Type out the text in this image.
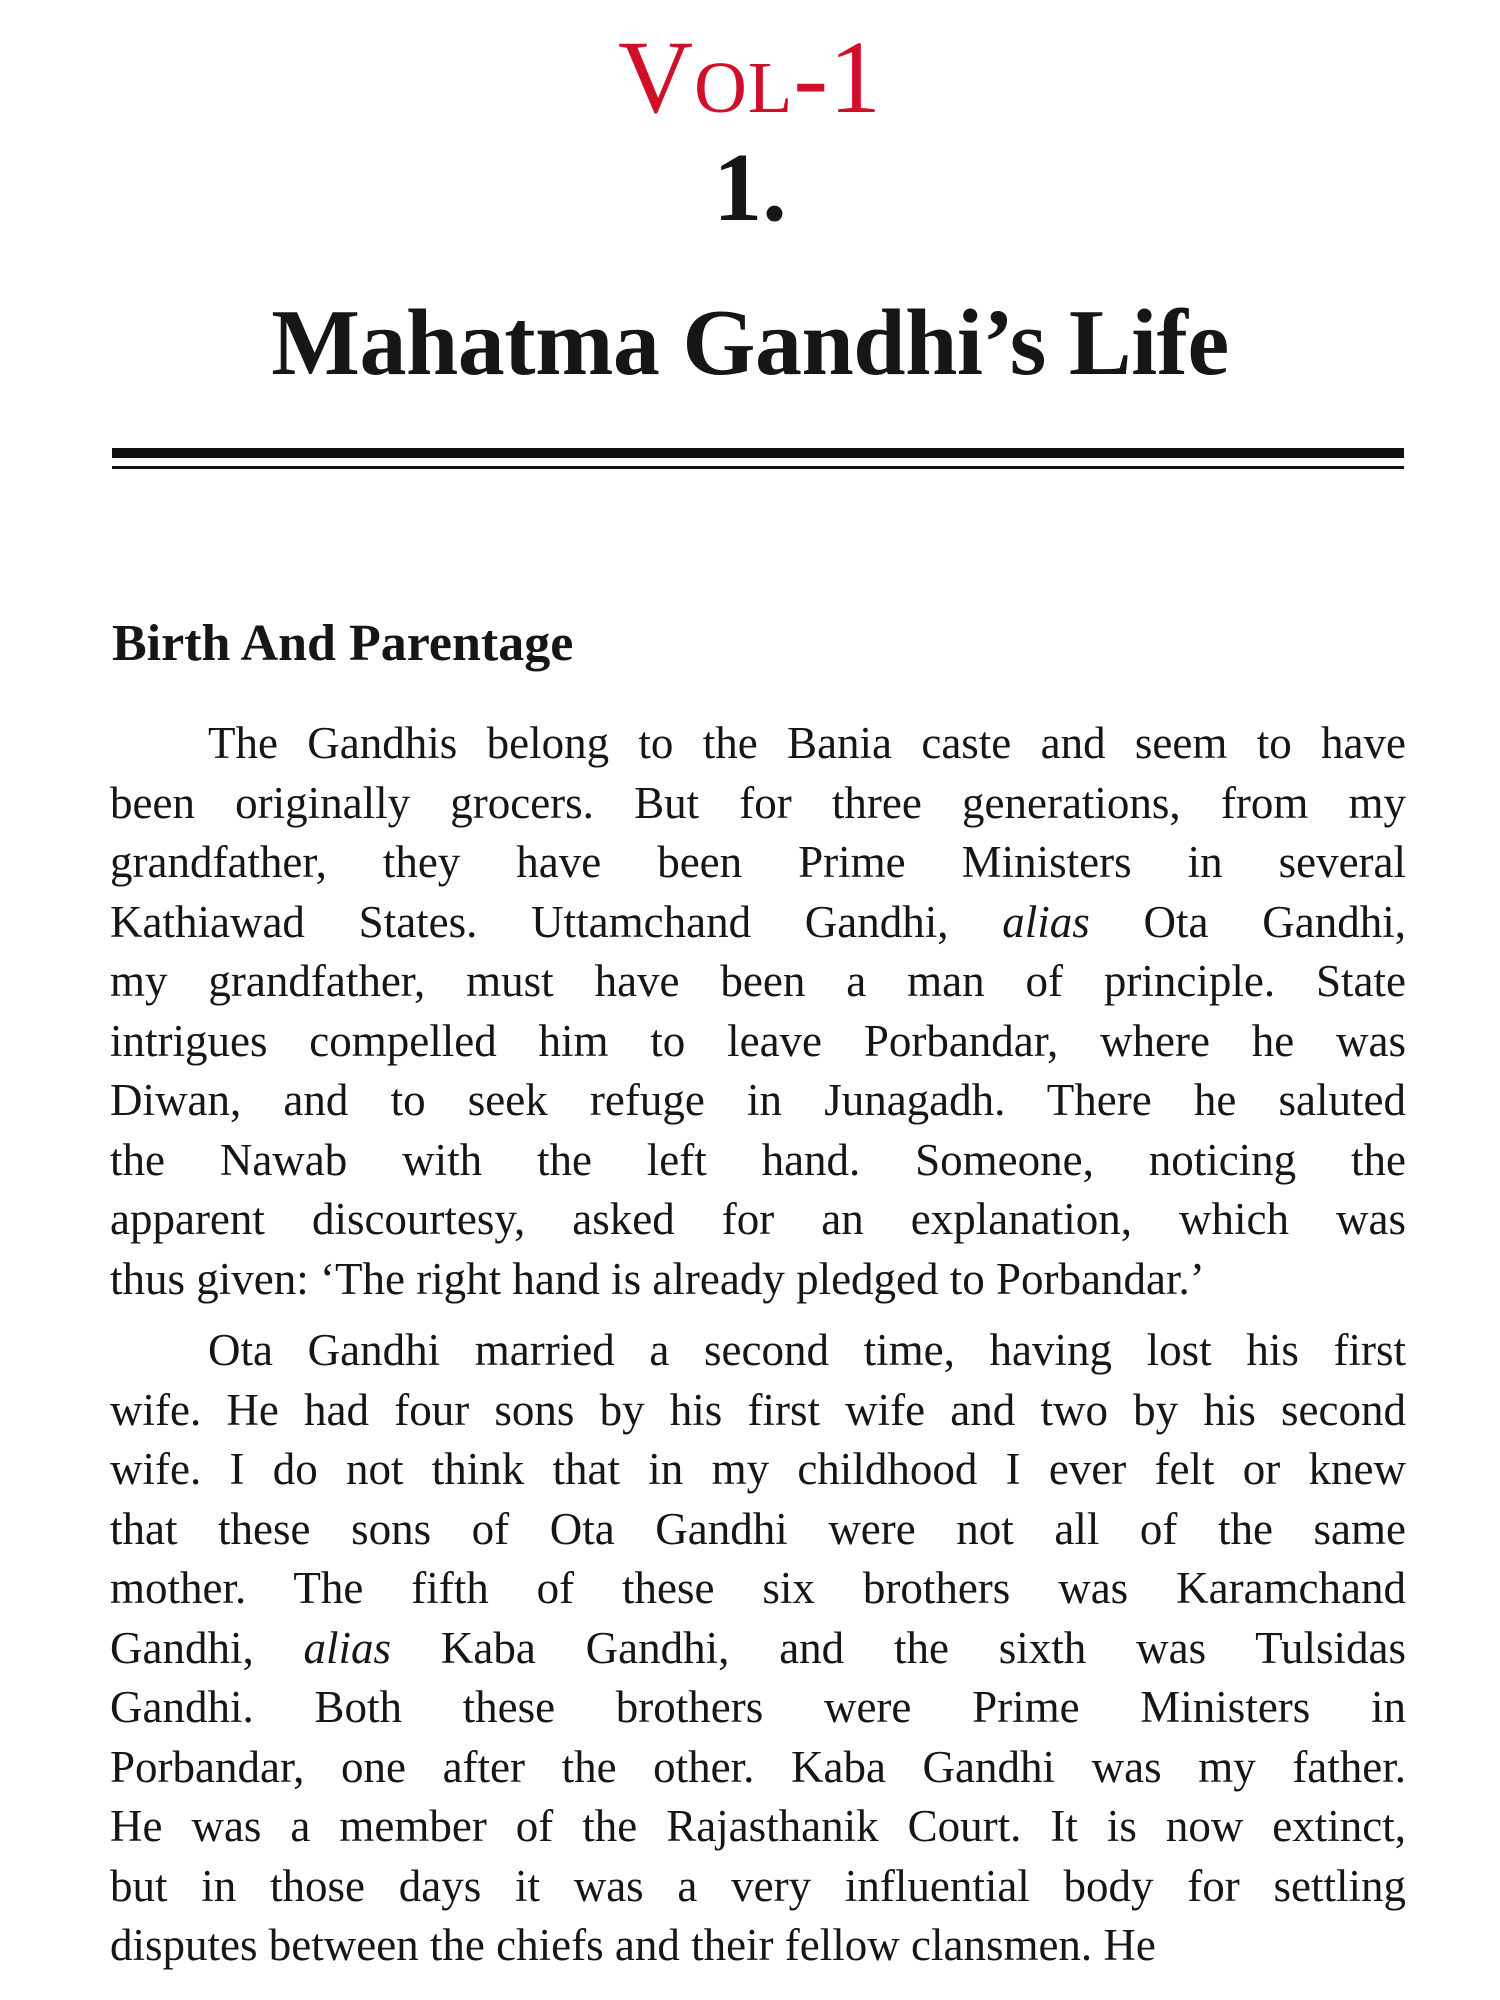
Vol-1
1.
Mahatma Gandhi’s Life
Birth And Parentage
The Gandhis belong to the Bania caste and seem to have
been originally grocers. But for three generations, from my
grandfather, they have been Prime Ministers in several
Kathiawad States. Uttamchand Gandhi, alias Ota Gandhi,
my grandfather, must have been a man of principle. State
intrigues compelled him to leave Porbandar, where he was
Diwan, and to seek refuge in Junagadh. There he saluted
the Nawab with the left hand. Someone, noticing the
apparent discourtesy, asked for an explanation, which was
thus given: ‘The right hand is already pledged to Porbandar.’
Ota Gandhi married a second time, having lost his first
wife. He had four sons by his first wife and two by his second
wife. I do not think that in my childhood I ever felt or knew
that these sons of Ota Gandhi were not all of the same
mother. The fifth of these six brothers was Karamchand
Gandhi, alias Kaba Gandhi, and the sixth was Tulsidas
Gandhi. Both these brothers were Prime Ministers in
Porbandar, one after the other. Kaba Gandhi was my father.
He was a member of the Rajasthanik Court. It is now extinct,
but in those days it was a very influential body for settling
disputes between the chiefs and their fellow clansmen. He
